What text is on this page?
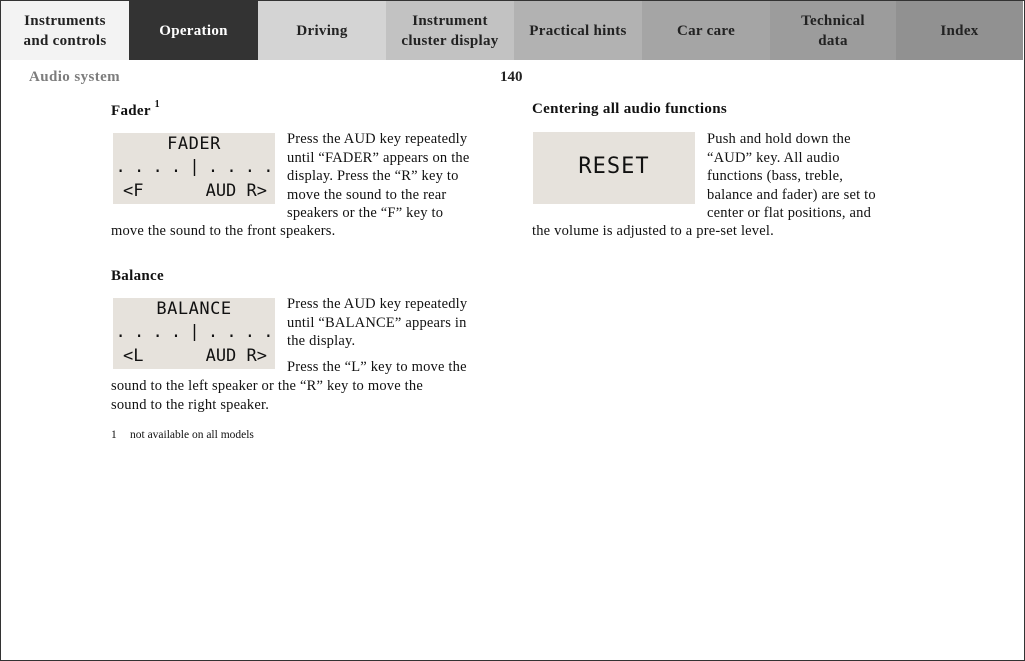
Instruments
and controls
Operation	Driving
Instrument
cluster display
Practical hints	Car care
Technical
data
Index
Audio system	140
Fader $^1$
FADER
. . . . | . . . .
<F	AUD R>
Press the AUD key repeatedly
until “FADER” appears on the
display. Press the “R” key to
move the sound to the rear
speakers or the “F” key to
move the sound to the front speakers.
Balance
BALANCE
. . . . | . . . .
<L	AUD R>
Press the AUD key repeatedly
until “BALANCE” appears in
the display.
Press the “L” key to move the
sound to the left speaker or the “R” key to move the
sound to the right speaker.
1 not available on all models
Centering all audio functions
RESET
Push and hold down the
“AUD” key. All audio
functions (bass, treble,
balance and fader) are set to
center or flat positions, and
the volume is adjusted to a pre-set level.
